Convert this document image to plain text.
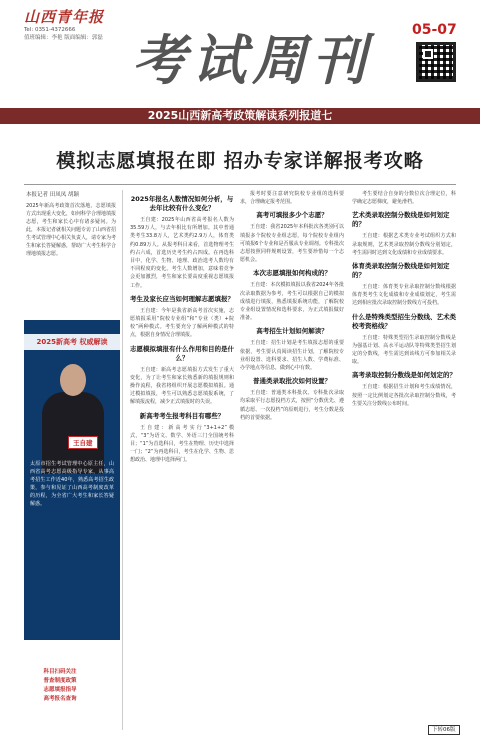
山西青年报
Tel: 0351-4372666
值班编辑：李艳 版面编辑：郭磊 考试周刊	05-07
2025山西新高考政策解读系列报道七
模拟志愿填报在即 招办专家详解报考攻略
本报记者 田凤凤 胡颖
2025年新高考政策首次落地，志愿填报方式出现重大变化，如何科学合理地填报志愿，考生和家长心中有诸多疑问。为此，本报记者就相关问题专访了山西省招生考试管理中心相关负责人，请专家为考生和家长答疑解惑，帮助广大考生科学合理地填报志愿。
2025新高考 权威解读
王自建
太原市招生考试管理中心原主任，山西省高考志愿高级指导专家，从事高考招生工作近40年，熟悉高考招生政策，参与和见证了山西高考制度改革的历程，为全省广大考生和家长答疑解惑。
科目扫码关注
普查制度政策
志愿填报指导
高考报名查询
2025年报名人数情况如何分析，与去年比较有什么变化？
王自建：2025年山西省高考报名人数为35.59万人，与去年相比有所增加。其中普通类考生33.8万人，艺术类约2.9万人，体育类约0.89万人。从报考科目来看，首选物理考生约占六成，首选历史考生约占四成。在再选科目中，化学、生物、地理、政治选考人数均有不同程度的变化。考生人数增加，意味着竞争会更加激烈，考生和家长要高度重视志愿填报工作。
考生及家长应当如何理解志愿填报？
王自建：今年是我省新高考首次实施，志愿填报采用“院校专业组”和“专业（类）+院校”两种模式。考生要充分了解两种模式的特点，根据自身情况合理填报。
志愿模拟填报有什么作用和目的是什么？
王自建：新高考志愿填报方式发生了重大变化，为了让考生和家长熟悉新的填报规则和操作流程，我省将组织开展志愿模拟填报。通过模拟填报，考生可以熟悉志愿填报系统，了解填报流程，减少正式填报时的失误。
新高考考生报考科目有哪些？
王自建：新高考实行“3+1+2”模式，“3”为语文、数学、外语三门全国统考科目；“1”为首选科目，考生在物理、历史中选择一门；“2”为再选科目，考生在化学、生物、思想政治、地理中选择两门。
报考时要注意研究院校专业组的选科要求，合理确定报考范围。
高考可填报多少个志愿？
王自建：我省2025年本科批次各类别可以填报多个院校专业组志愿，每个院校专业组内可填报6个专业和是否服从专业调剂。专科批次志愿按照同样规则设置，考生要珍惜每一个志愿机会。
本次志愿填报如何构成的？
王自建：本次模拟填报以我省2024年各批次录取数据为参考，考生可以根据自己的模拟成绩进行填报，熟悉填报系统功能，了解院校专业组设置情况和选科要求，为正式填报做好准备。
高考招生计划如何解读？
王自建：招生计划是考生填报志愿的重要依据，考生要认真阅读招生计划，了解院校专业组设置、选科要求、招生人数、学费标准、办学地点等信息，做到心中有数。
普通类录取批次如何设置？
王自建：普通类本科批次、专科批次录取均采取平行志愿投档方式，按照“分数优先、遵循志愿、一次投档”的原则进行，考生分数是投档的首要依据。
考生要结合自身的分数位次合理定位，科学确定志愿梯度，避免滑档。
艺术类录取控制分数线是如何划定的？
王自建：根据艺术类专业考试组织方式和录取规则，艺术类录取控制分数线分别划定，考生需同时达到文化成绩和专业成绩要求。
体育类录取控制分数线是如何划定的？
王自建：体育类专业录取控制分数线根据体育类考生文化成绩和专业成绩划定，考生需达到相应批次录取控制分数线方可投档。
什么是特殊类型招生分数线、艺术类校考资格线？
王自建：特殊类型招生录取控制分数线是为强基计划、高水平运动队等特殊类型招生划定的分数线，考生需达到该线方可参加相关录取。
高考录取控制分数线是如何划定的？
王自建：根据招生计划和考生成绩情况，按照一定比例划定各批次录取控制分数线，考生要关注分数线公布时间。
下转06版
